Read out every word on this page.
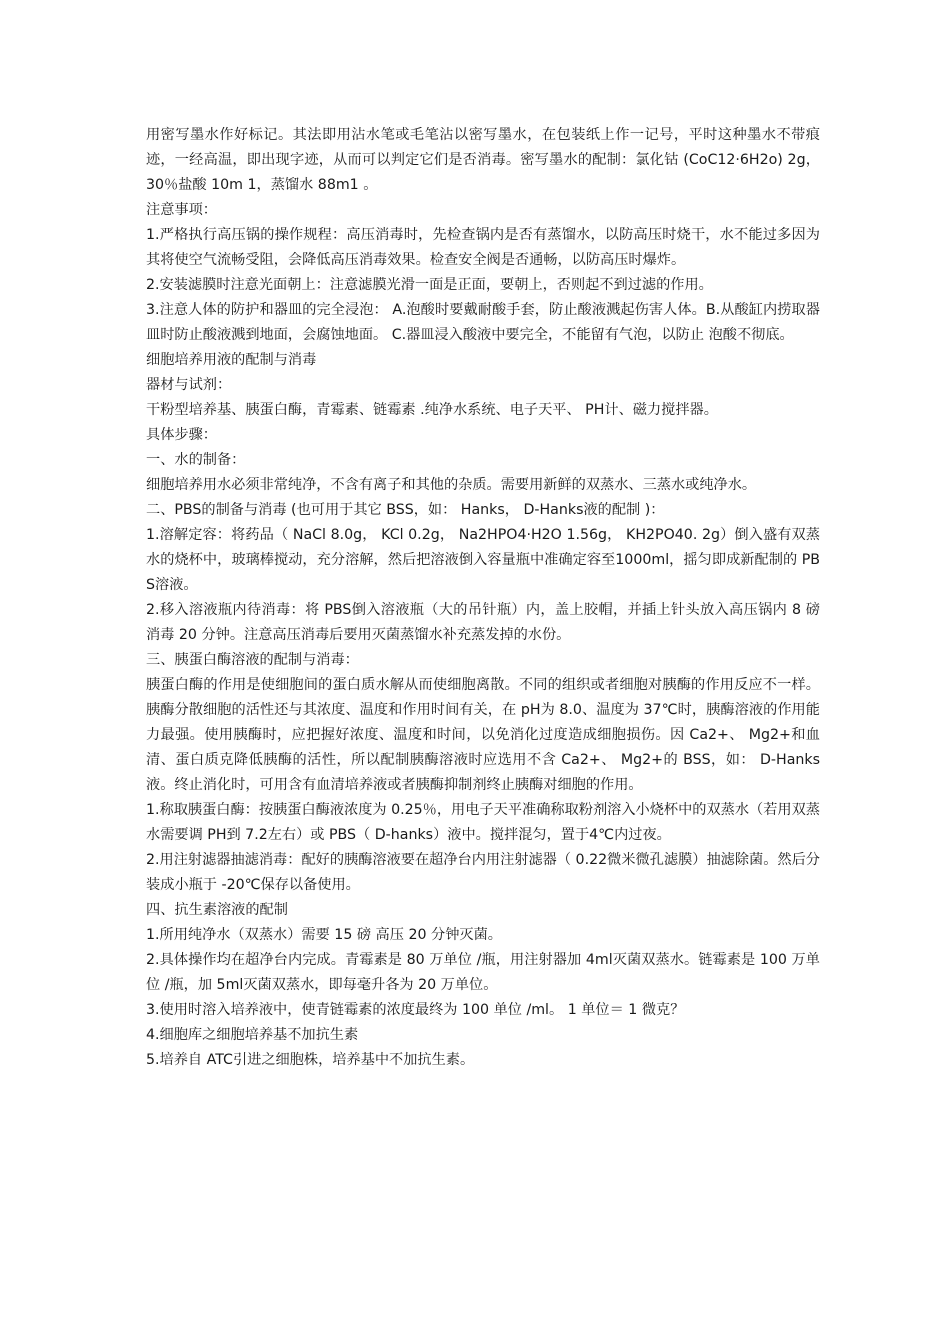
用密写墨水作好标记。其法即用沾水笔或毛笔沾以密写墨水，在包装纸上作一记号，平时这种墨水不带痕迹，一经高温，即出现字迹，从而可以判定它们是否消毒。密写墨水的配制：氯化钴 (CoC12·6H2o) 2g，30％盐酸 10m 1，蒸馏水 88m1 。

注意事项：

1.严格执行高压锅的操作规程：高压消毒时，先检查锅内是否有蒸馏水，以防高压时烧干，水不能过多因为其将使空气流畅受阻，会降低高压消毒效果。检查安全阀是否通畅，以防高压时爆炸。

2.安装滤膜时注意光面朝上：注意滤膜光滑一面是正面，要朝上，否则起不到过滤的作用。

3.注意人体的防护和器皿的完全浸泡： A.泡酸时要戴耐酸手套，防止酸液溅起伤害人体。B.从酸缸内捞取器皿时防止酸液溅到地面，会腐蚀地面。 C.器皿浸入酸液中要完全，不能留有气泡，以防止 泡酸不彻底。

细胞培养用液的配制与消毒

器材与试剂：

干粉型培养基、胰蛋白酶，青霉素、链霉素 .纯净水系统、电子天平、 PH计、磁力搅拌器。

具体步骤：

一、水的制备：

细胞培养用水必须非常纯净，不含有离子和其他的杂质。需要用新鲜的双蒸水、三蒸水或纯净水。

二、PBS的制备与消毒 (也可用于其它 BSS，如： Hanks， D-Hanks液的配制 )：

1.溶解定容：将药品（ NaCl 8.0g， KCl 0.2g， Na2HPO4·H2O 1.56g， KH2PO40. 2g）倒入盛有双蒸水的烧杯中，玻璃棒搅动，充分溶解，然后把溶液倒入容量瓶中准确定容至1000ml，摇匀即成新配制的 PBS溶液。

2.移入溶液瓶内待消毒：将 PBS倒入溶液瓶（大的吊针瓶）内，盖上胶帽，并插上针头放入高压锅内 8 磅 消毒 20 分钟。注意高压消毒后要用灭菌蒸馏水补充蒸发掉的水份。

三、胰蛋白酶溶液的配制与消毒：

胰蛋白酶的作用是使细胞间的蛋白质水解从而使细胞离散。不同的组织或者细胞对胰酶的作用反应不一样。胰酶分散细胞的活性还与其浓度、温度和作用时间有关，在 pH为 8.0、温度为 37℃时，胰酶溶液的作用能力最强。使用胰酶时，应把握好浓度、温度和时间，以免消化过度造成细胞损伤。因 Ca2+、 Mg2+和血清、蛋白质克降低胰酶的活性，所以配制胰酶溶液时应选用不含 Ca2+、 Mg2+的 BSS，如： D-Hanks液。终止消化时，可用含有血清培养液或者胰酶抑制剂终止胰酶对细胞的作用。

1.称取胰蛋白酶：按胰蛋白酶液浓度为 0.25％，用电子天平准确称取粉剂溶入小烧杯中的双蒸水（若用双蒸水需要调 PH到 7.2左右）或 PBS（ D-hanks）液中。搅拌混匀，置于4℃内过夜。

2.用注射滤器抽滤消毒：配好的胰酶溶液要在超净台内用注射滤器（ 0.22微米微孔滤膜）抽滤除菌。然后分装成小瓶于 -20℃保存以备使用。

四、抗生素溶液的配制

1.所用纯净水（双蒸水）需要 15 磅 高压 20 分钟灭菌。

2.具体操作均在超净台内完成。青霉素是 80 万单位 /瓶，用注射器加 4ml灭菌双蒸水。链霉素是 100 万单位 /瓶，加 5ml灭菌双蒸水，即每毫升各为 20 万单位。

3.使用时溶入培养液中，使青链霉素的浓度最终为 100 单位 /ml。 1 单位＝ 1 微克？

4.细胞库之细胞培养基不加抗生素

5.培养自 ATC引进之细胞株，培养基中不加抗生素。
